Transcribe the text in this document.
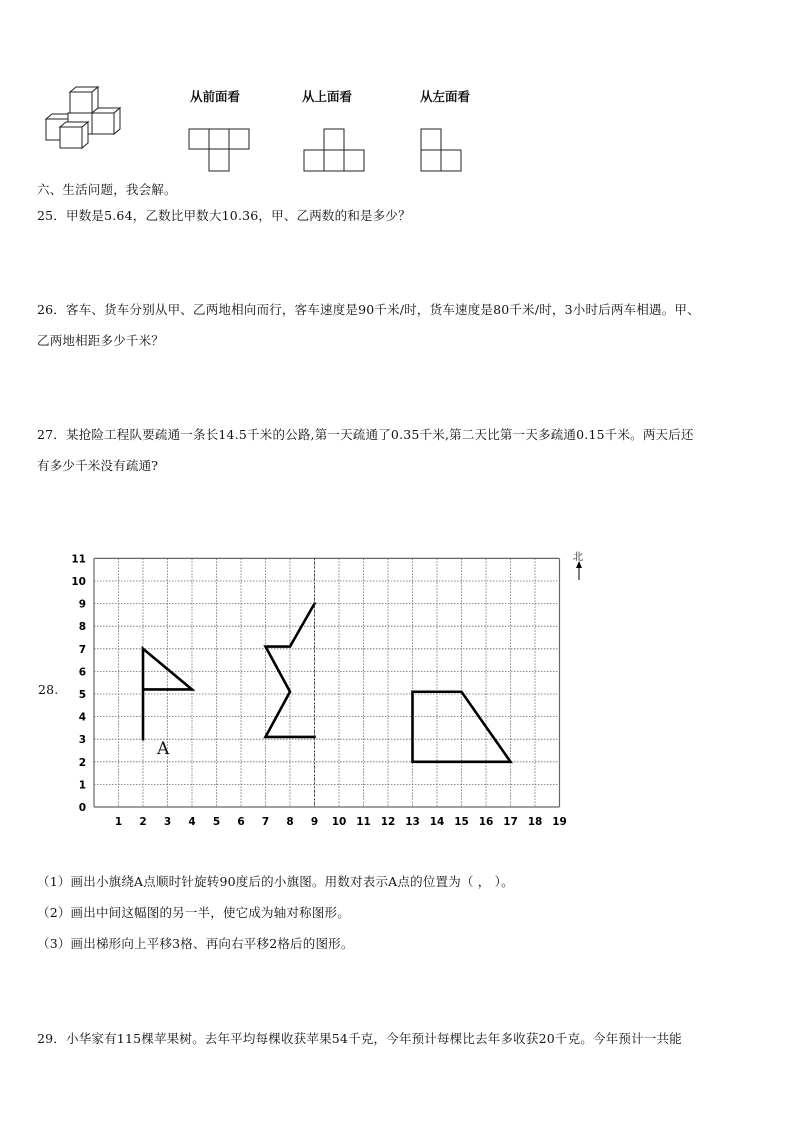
从前面看	从上面看	从左面看
六、生活问题，我会解。
25．甲数是5.64，乙数比甲数大10.36，甲、乙两数的和是多少？
26．客车、货车分别从甲、乙两地相向而行，客车速度是90千米/时，货车速度是80千米/时，3小时后两车相遇。甲、
乙两地相距多少千米？
27．某抢险工程队要疏通一条长14.5千米的公路,第一天疏通了0.35千米,第二天比第一天多疏通0.15千米。两天后还
有多少千米没有疏通?
28.
1 2 3 4 5 6 7 8 9 10 11 12 13 14 15 16 17 18 19
0
1
2
3
4
5
6
7
8
9
10
11	北
A
（1）画出小旗绕A点顺时针旋转90度后的小旗图。用数对表示A点的位置为（ ， ）。
（2）画出中间这幅图的另一半，使它成为轴对称图形。
（3）画出梯形向上平移3格、再向右平移2格后的图形。
29．小华家有115棵苹果树。去年平均每棵收获苹果54千克，今年预计每棵比去年多收获20千克。今年预计一共能
